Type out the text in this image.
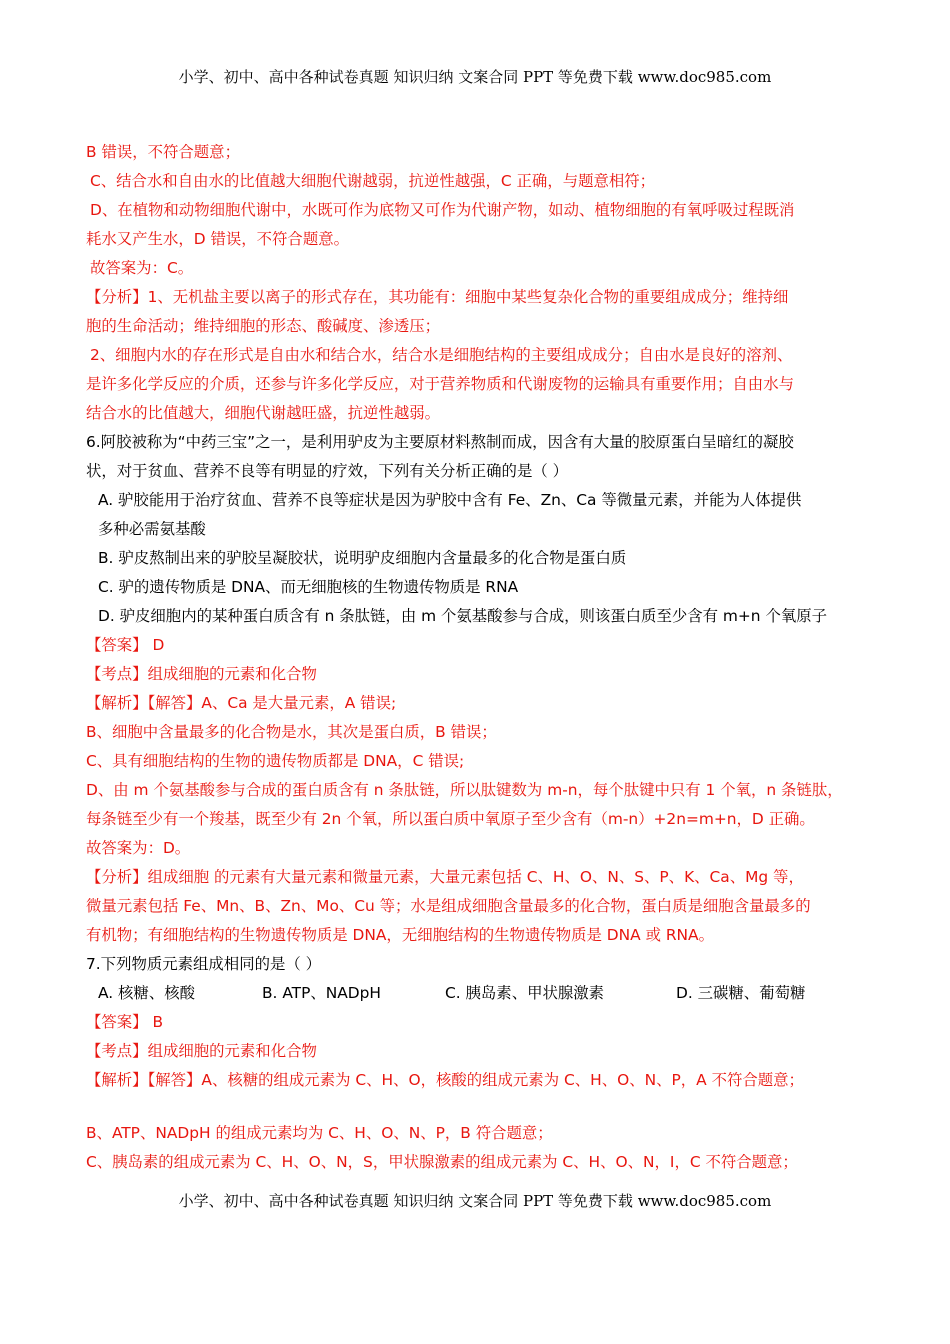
小学、初中、高中各种试卷真题 知识归纳 文案合同 PPT 等免费下载 www.doc985.com
B 错误，不符合题意；
C、结合水和自由水的比值越大细胞代谢越弱，抗逆性越强，C 正确，与题意相符；
D、在植物和动物细胞代谢中，水既可作为底物又可作为代谢产物，如动、植物细胞的有氧呼吸过程既消
耗水又产生水，D 错误，不符合题意。
故答案为：C。
【分析】1、无机盐主要以离子的形式存在，其功能有：细胞中某些复杂化合物的重要组成成分；维持细
胞的生命活动；维持细胞的形态、酸碱度、渗透压；
2、细胞内水的存在形式是自由水和结合水，结合水是细胞结构的主要组成成分；自由水是良好的溶剂、
是许多化学反应的介质，还参与许多化学反应，对于营养物质和代谢废物的运输具有重要作用；自由水与
结合水的比值越大，细胞代谢越旺盛，抗逆性越弱。
6.阿胶被称为“中药三宝”之一，是利用驴皮为主要原材料熬制而成，因含有大量的胶原蛋白呈暗红的凝胶
状，对于贫血、营养不良等有明显的疗效，下列有关分析正确的是（ ）
A. 驴胶能用于治疗贫血、营养不良等症状是因为驴胶中含有 Fe、Zn、Ca 等微量元素，并能为人体提供
多种必需氨基酸
B. 驴皮熬制出来的驴胶呈凝胶状，说明驴皮细胞内含量最多的化合物是蛋白质
C. 驴的遗传物质是 DNA、而无细胞核的生物遗传物质是 RNA
D. 驴皮细胞内的某种蛋白质含有 n 条肽链，由 m 个氨基酸参与合成，则该蛋白质至少含有 m+n 个氧原子
【答案】 D
【考点】组成细胞的元素和化合物
【解析】【解答】A、Ca 是大量元素，A 错误;
B、细胞中含量最多的化合物是水，其次是蛋白质，B 错误；
C、具有细胞结构的生物的遗传物质都是 DNA，C 错误;
D、由 m 个氨基酸参与合成的蛋白质含有 n 条肽链，所以肽键数为 m-n，每个肽键中只有 1 个氧，n 条链肽，
每条链至少有一个羧基，既至少有 2n 个氧，所以蛋白质中氧原子至少含有（m-n）+2n=m+n，D 正确。
故答案为：D。
【分析】组成细胞 的元素有大量元素和微量元素，大量元素包括 C、H、O、N、S、P、K、Ca、Mg 等，
微量元素包括 Fe、Mn、B、Zn、Mo、Cu 等；水是组成细胞含量最多的化合物，蛋白质是细胞含量最多的
有机物；有细胞结构的生物遗传物质是 DNA，无细胞结构的生物遗传物质是 DNA 或 RNA。
7.下列物质元素组成相同的是（ ）
A. 核糖、核酸	B. ATP、NADpH	C. 胰岛素、甲状腺激素	D. 三碳糖、葡萄糖
【答案】 B
【考点】组成细胞的元素和化合物
【解析】【解答】A、核糖的组成元素为 C、H、O，核酸的组成元素为 C、H、O、N、P，A 不符合题意；
B、ATP、NADpH 的组成元素均为 C、H、O、N、P，B 符合题意；
C、胰岛素的组成元素为 C、H、O、N，S，甲状腺激素的组成元素为 C、H、O、N，I，C 不符合题意；
小学、初中、高中各种试卷真题 知识归纳 文案合同 PPT 等免费下载 www.doc985.com
